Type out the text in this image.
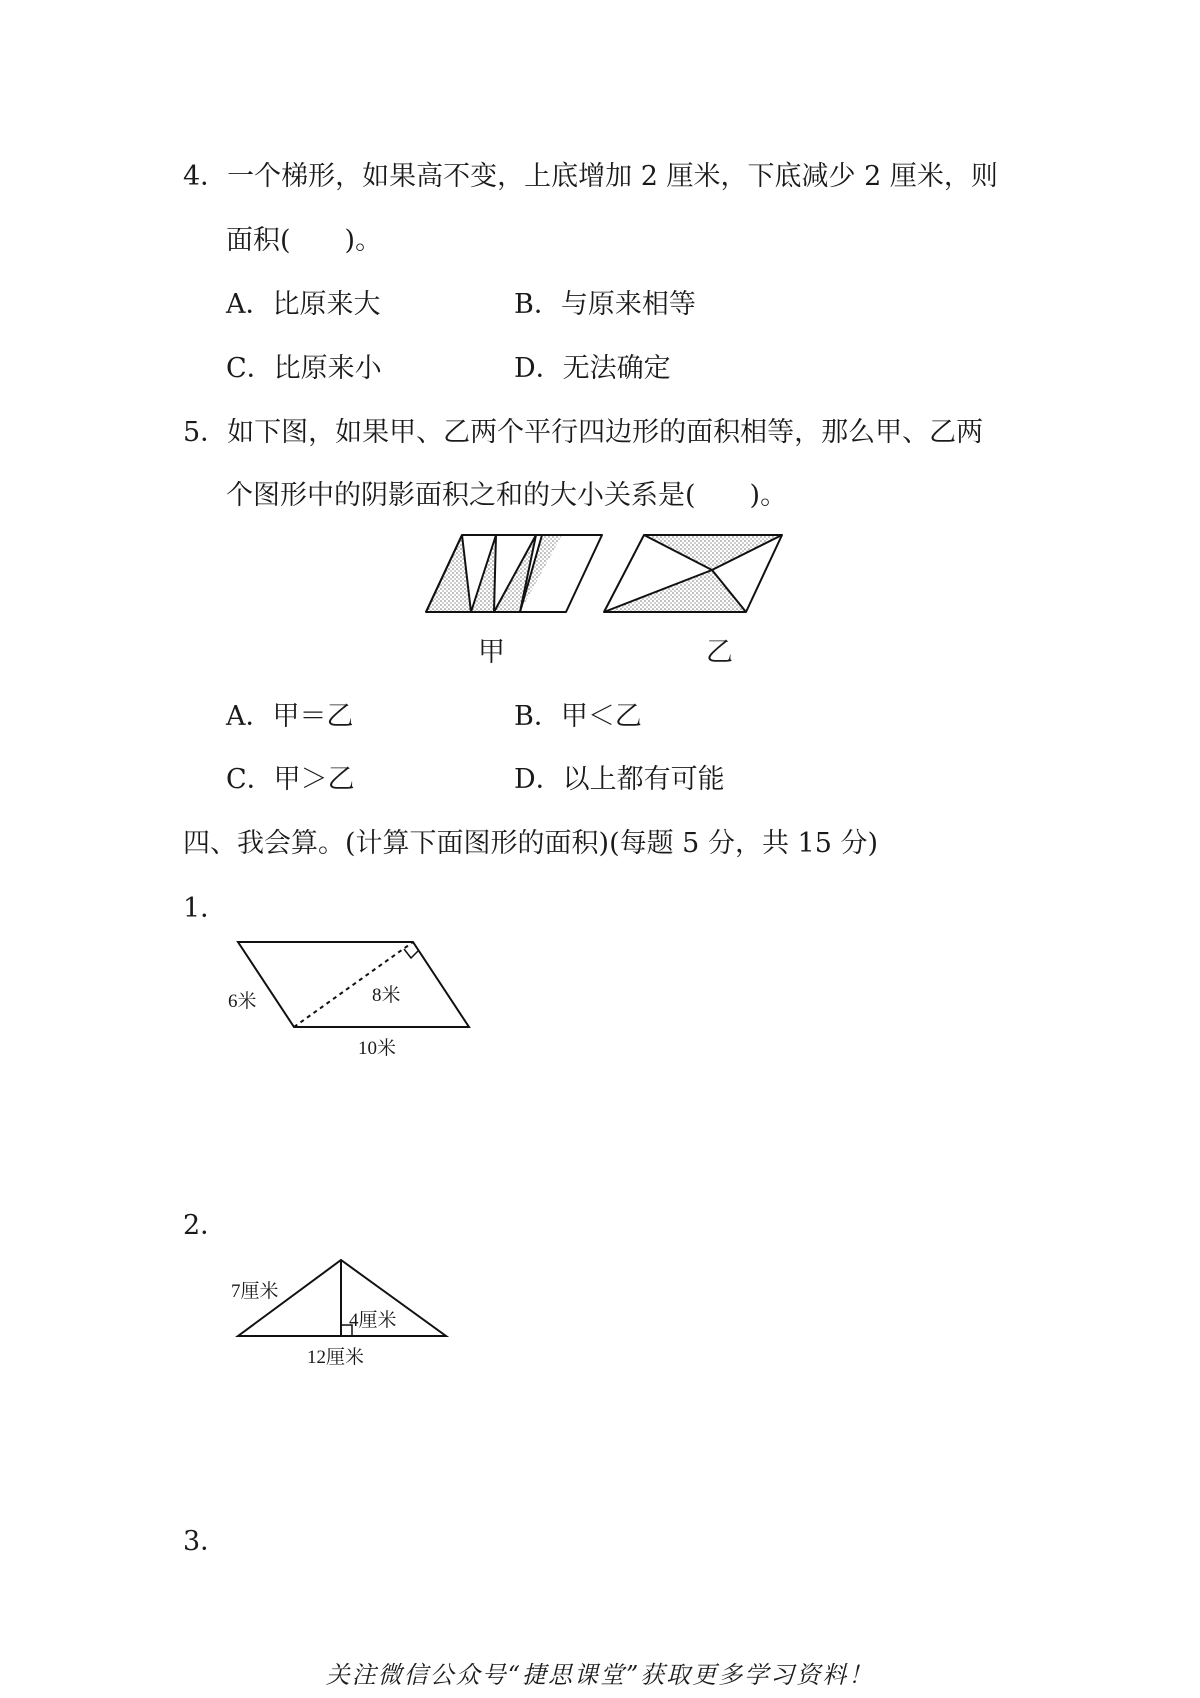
4．一个梯形，如果高不变，上底增加 2 厘米，下底减少 2 厘米，则
面积(　　)。
A．比原来大	B．与原来相等
C．比原来小	D．无法确定
5．如下图，如果甲、乙两个平行四边形的面积相等，那么甲、乙两
个图形中的阴影面积之和的大小关系是(　　)。
甲	乙
A．甲＝乙	B．甲＜乙
C．甲＞乙	D．以上都有可能
四、我会算。(计算下面图形的面积)(每题 5 分，共 15 分)
1．
6米	8米
10米
2．
7厘米
4厘米
12厘米
3．
关注微信公众号“捷思课堂”获取更多学习资料！
